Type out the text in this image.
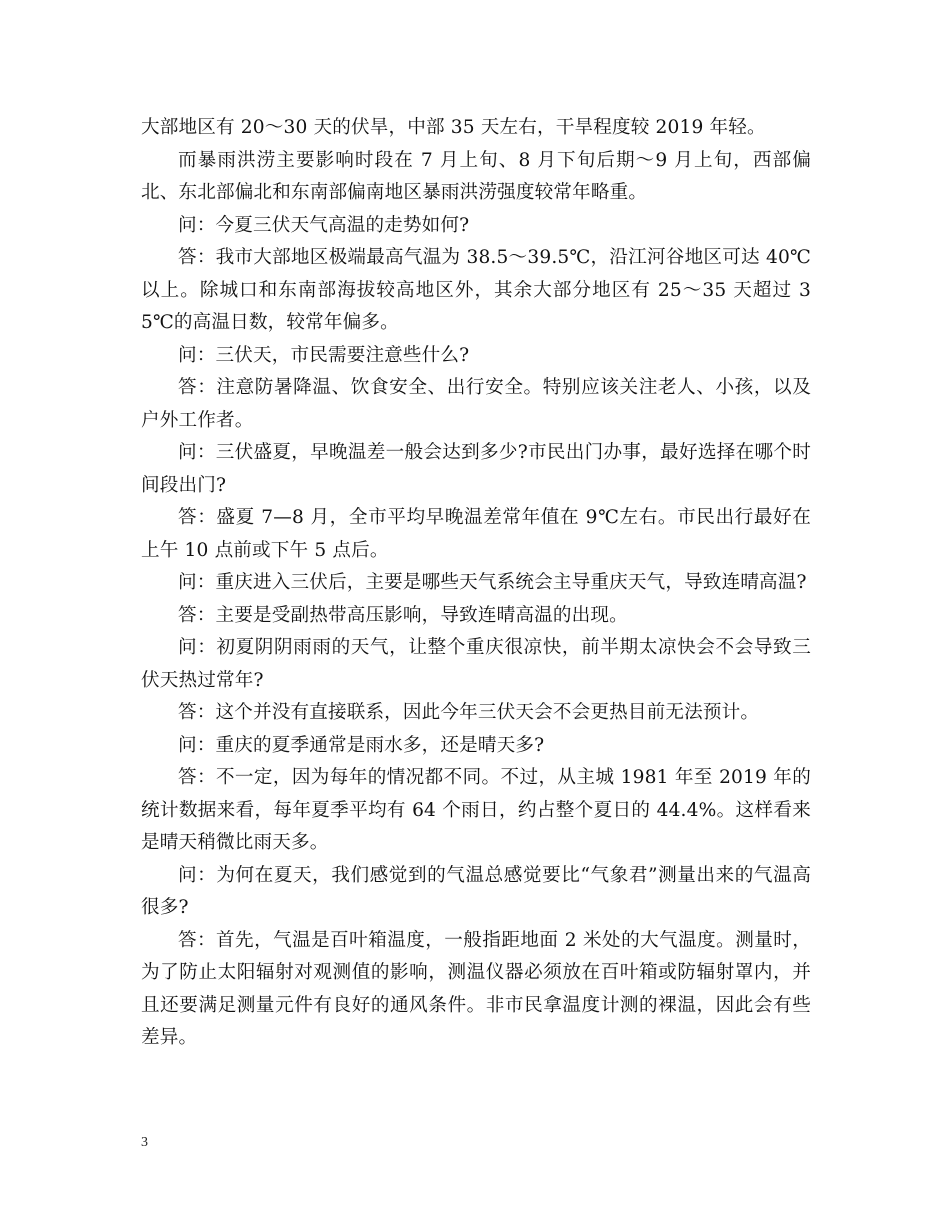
大部地区有 20～30 天的伏旱，中部 35 天左右，干旱程度较 2019 年轻。

而暴雨洪涝主要影响时段在 7 月上旬、8 月下旬后期～9 月上旬，西部偏北、东北部偏北和东南部偏南地区暴雨洪涝强度较常年略重。

问：今夏三伏天气高温的走势如何?

答：我市大部地区极端最高气温为 38.5～39.5℃，沿江河谷地区可达 40℃以上。除城口和东南部海拔较高地区外，其余大部分地区有 25～35 天超过 35℃的高温日数，较常年偏多。

问：三伏天，市民需要注意些什么?

答：注意防暑降温、饮食安全、出行安全。特别应该关注老人、小孩，以及户外工作者。

问：三伏盛夏，早晚温差一般会达到多少?市民出门办事，最好选择在哪个时间段出门?

答：盛夏 7—8 月，全市平均早晚温差常年值在 9℃左右。市民出行最好在上午 10 点前或下午 5 点后。

问：重庆进入三伏后，主要是哪些天气系统会主导重庆天气，导致连晴高温?

答：主要是受副热带高压影响，导致连晴高温的出现。

问：初夏阴阴雨雨的天气，让整个重庆很凉快，前半期太凉快会不会导致三伏天热过常年?

答：这个并没有直接联系，因此今年三伏天会不会更热目前无法预计。

问：重庆的夏季通常是雨水多，还是晴天多?

答：不一定，因为每年的情况都不同。不过，从主城 1981 年至 2019 年的统计数据来看，每年夏季平均有 64 个雨日，约占整个夏日的 44.4%。这样看来是晴天稍微比雨天多。

问：为何在夏天，我们感觉到的气温总感觉要比“气象君”测量出来的气温高很多?

答：首先，气温是百叶箱温度，一般指距地面 2 米处的大气温度。测量时，为了防止太阳辐射对观测值的影响，测温仪器必须放在百叶箱或防辐射罩内，并且还要满足测量元件有良好的通风条件。非市民拿温度计测的裸温，因此会有些差异。

3
